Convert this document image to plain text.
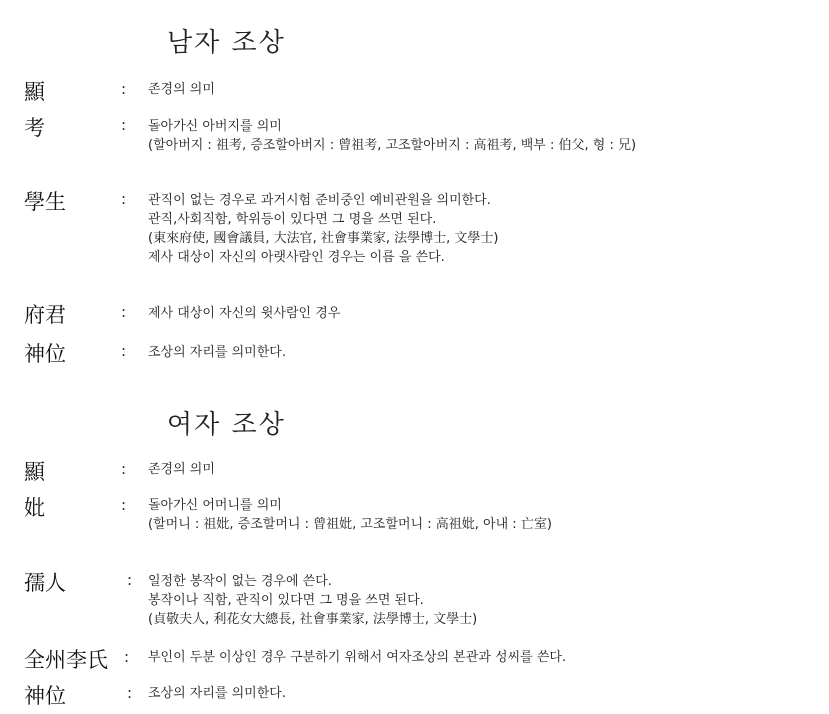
남자 조상
顯	: 존경의 의미
考	: 돌아가신 아버지를 의미
(할아버지 : 祖考, 증조할아버지 : 曾祖考, 고조할아버지 : 高祖考, 백부 : 伯父, 형 : 兄)
學生	: 관직이 없는 경우로 과거시험 준비중인 예비관원을 의미한다.
관직,사회직함, 학위등이 있다면 그 명을 쓰면 된다.
(東來府使, 國會議員, 大法官, 社會事業家, 法學博士, 文學士)
제사 대상이 자신의 아랫사람인 경우는 이름 을 쓴다.
府君	: 제사 대상이 자신의 윗사람인 경우
神位	: 조상의 자리를 의미한다.
여자 조상
顯	: 존경의 의미
妣	: 돌아가신 어머니를 의미
(할머니 : 祖妣, 증조할머니 : 曾祖妣, 고조할머니 : 高祖妣, 아내 : 亡室)
孺人	: 일정한 봉작이 없는 경우에 쓴다.
봉작이나 직함, 관직이 있다면 그 명을 쓰면 된다.
(貞敬夫人, 利花女大總長, 社會事業家, 法學博士, 文學士)
全州李氏 : 부인이 두분 이상인 경우 구분하기 위해서 여자조상의 본관과 성씨를 쓴다.
神位	: 조상의 자리를 의미한다.
